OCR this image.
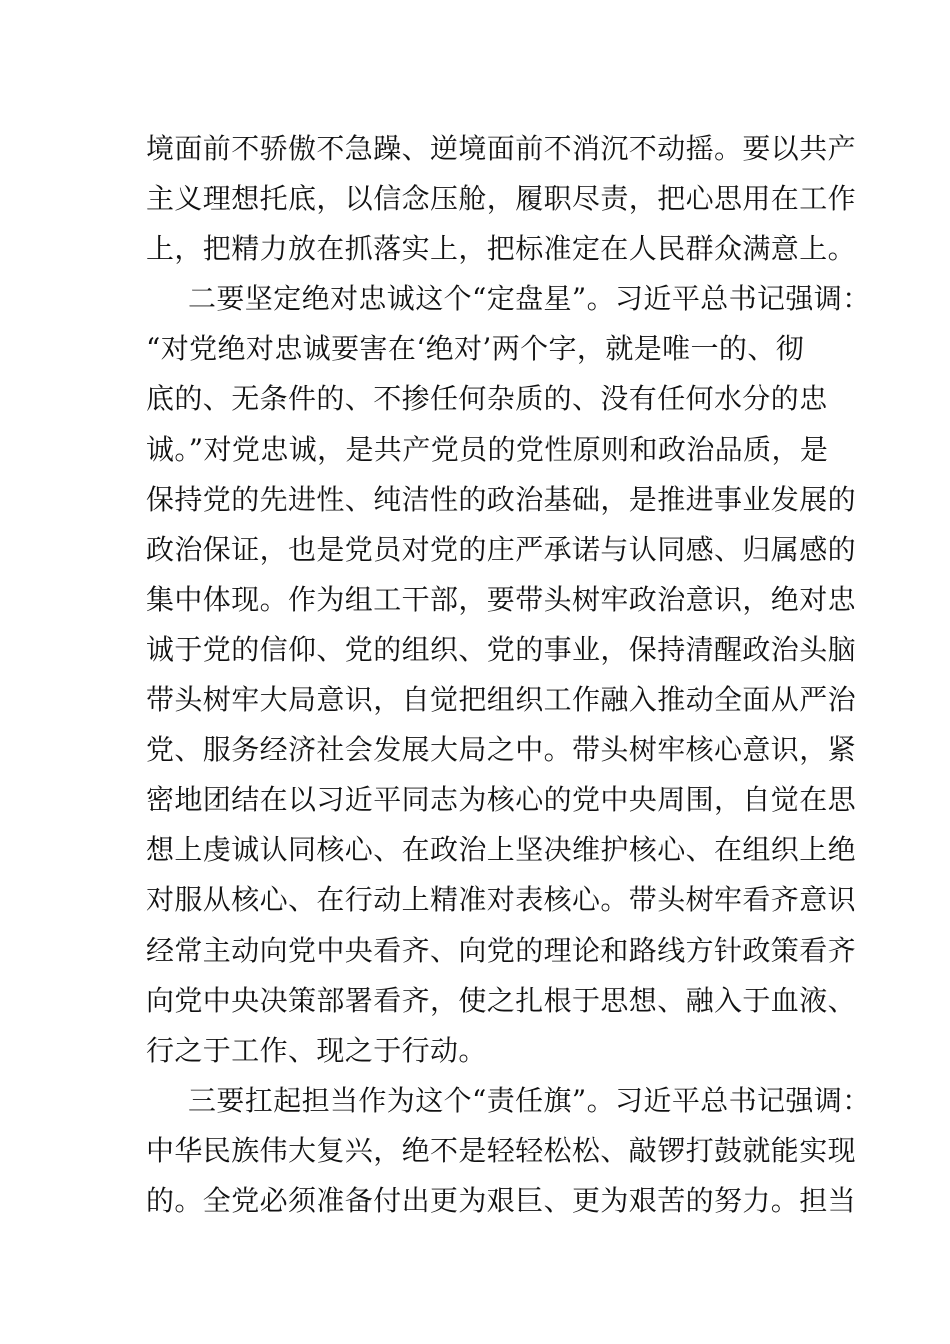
境面前不骄傲不急躁、逆境面前不消沉不动摇。要以共产
主义理想托底，以信念压舱，履职尽责，把心思用在工作
上，把精力放在抓落实上，把标准定在人民群众满意上。
二要坚定绝对忠诚这个“定盘星”。习近平总书记强调：
“对党绝对忠诚要害在‘绝对’两个字，就是唯一的、彻
底的、无条件的、不掺任何杂质的、没有任何水分的忠
诚。”对党忠诚，是共产党员的党性原则和政治品质，是
保持党的先进性、纯洁性的政治基础，是推进事业发展的
政治保证，也是党员对党的庄严承诺与认同感、归属感的
集中体现。作为组工干部，要带头树牢政治意识，绝对忠
诚于党的信仰、党的组织、党的事业，保持清醒政治头脑
带头树牢大局意识，自觉把组织工作融入推动全面从严治
党、服务经济社会发展大局之中。带头树牢核心意识，紧
密地团结在以习近平同志为核心的党中央周围，自觉在思
想上虔诚认同核心、在政治上坚决维护核心、在组织上绝
对服从核心、在行动上精准对表核心。带头树牢看齐意识
经常主动向党中央看齐、向党的理论和路线方针政策看齐
向党中央决策部署看齐，使之扎根于思想、融入于血液、
行之于工作、现之于行动。
三要扛起担当作为这个“责任旗”。习近平总书记强调：
中华民族伟大复兴，绝不是轻轻松松、敲锣打鼓就能实现
的。全党必须准备付出更为艰巨、更为艰苦的努力。担当
